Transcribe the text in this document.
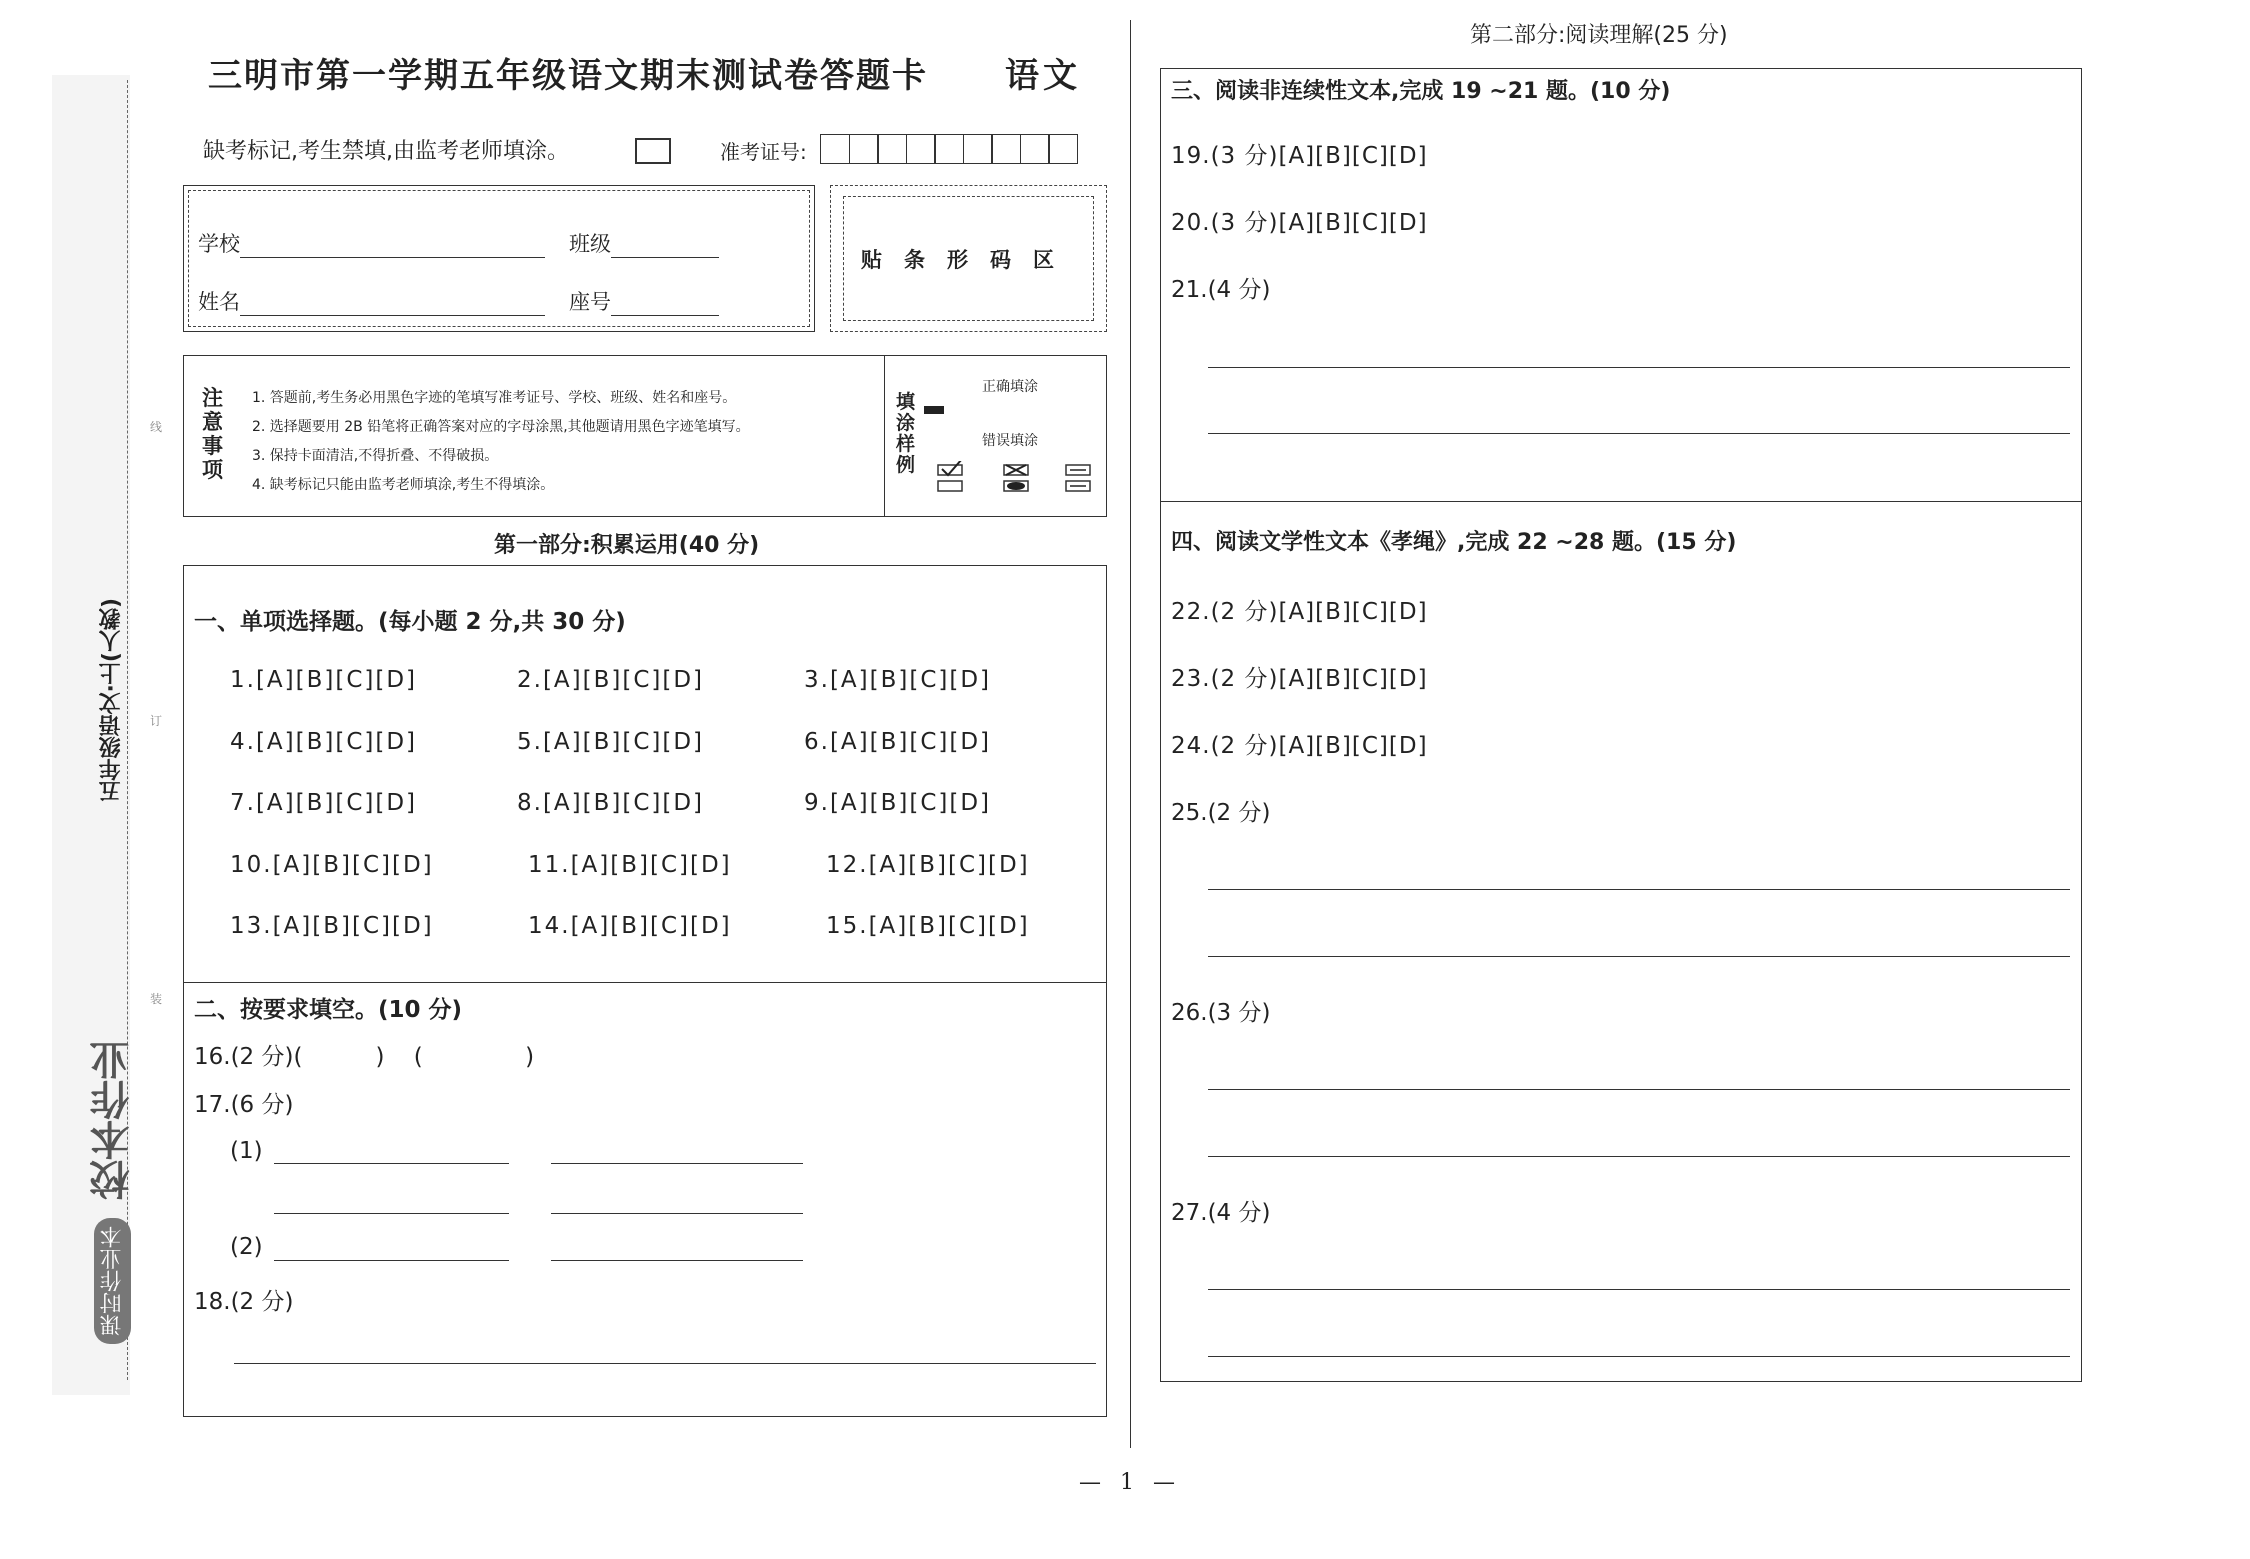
五年级语文·上(人教)
校本作业
课时作业本
线
订
装
三明市第一学期五年级语文期末测试卷答题卡 语文
缺考标记,考生禁填,由监考老师填涂。	准考证号:
学校	班级
姓名	座号
贴条形码区
注意事项
1. 答题前,考生务必用黑色字迹的笔填写准考证号、学校、班级、姓名和座号。
2. 选择题要用 2B 铅笔将正确答案对应的字母涂黑,其他题请用黑色字迹笔填写。
3. 保持卡面清洁,不得折叠、不得破损。
4. 缺考标记只能由监考老师填涂,考生不得填涂。
填涂样例
正确填涂
错误填涂
第一部分:积累运用(40 分)
一、单项选择题。(每小题 2 分,共 30 分)
1.[A][B][C][D]	2.[A][B][C][D]	3.[A][B][C][D]
4.[A][B][C][D]	5.[A][B][C][D]	6.[A][B][C][D]
7.[A][B][C][D]	8.[A][B][C][D]	9.[A][B][C][D]
10.[A][B][C][D]	11.[A][B][C][D]	12.[A][B][C][D]
13.[A][B][C][D]	14.[A][B][C][D]	15.[A][B][C][D]
二、按要求填空。(10 分)
16.(2 分)(          )    (              )
17.(6 分)
(1)
(2)
18.(2 分)
第二部分:阅读理解(25 分)
三、阅读非连续性文本,完成 19 ~21 题。(10 分)
19.(3 分)[A][B][C][D]
20.(3 分)[A][B][C][D]
21.(4 分)
四、阅读文学性文本《孝绳》,完成 22 ~28 题。(15 分)
22.(2 分)[A][B][C][D]
23.(2 分)[A][B][C][D]
24.(2 分)[A][B][C][D]
25.(2 分)
26.(3 分)
27.(4 分)
— 1 —
